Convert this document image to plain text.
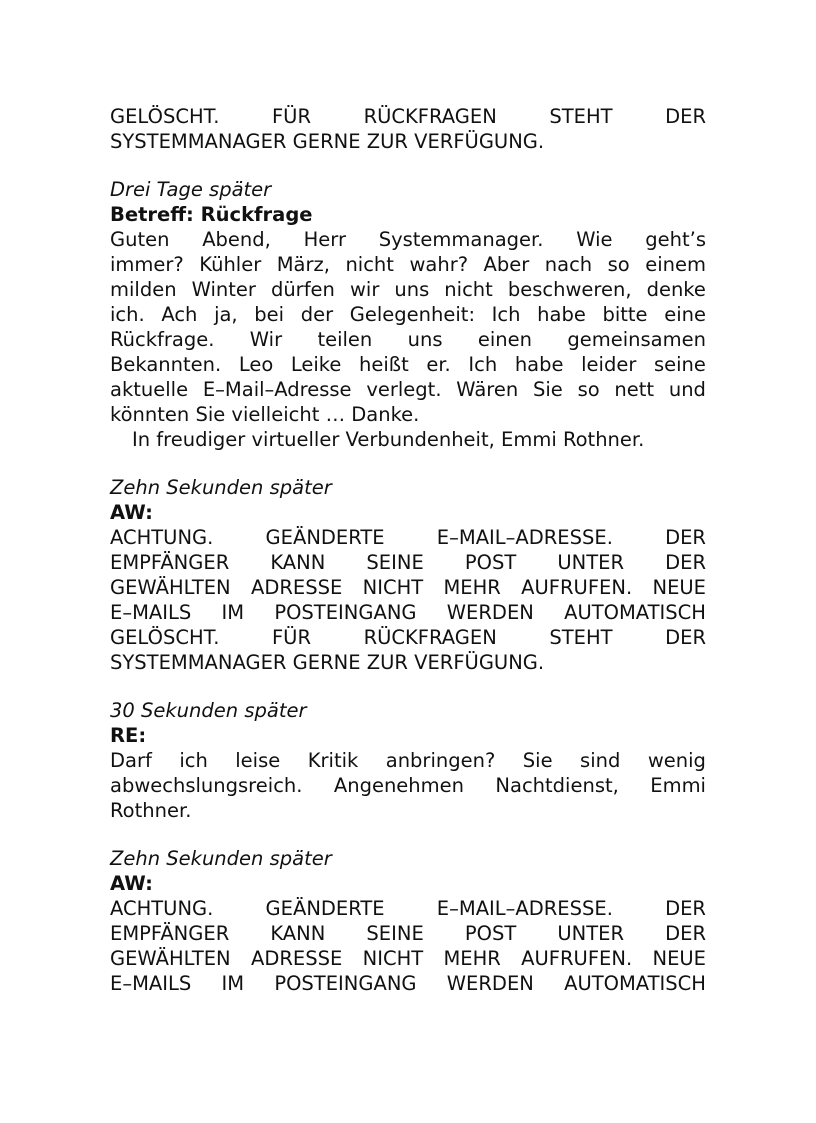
GELÖSCHT.	FÜR	RÜCKFRAGEN	STEHT	DER
SYSTEMMANAGER GERNE ZUR VERFÜGUNG.
Drei Tage später
Betreff: Rückfrage
Guten Abend, Herr Systemmanager. Wie geht’s
immer? Kühler März, nicht wahr? Aber nach so einem
milden Winter dürfen wir uns nicht beschweren, denke
ich. Ach ja, bei der Gelegenheit: Ich habe bitte eine
Rückfrage. Wir teilen uns einen gemeinsamen
Bekannten. Leo Leike heißt er. Ich habe leider seine
aktuelle E–Mail–Adresse verlegt. Wären Sie so nett und
könnten Sie vielleicht … Danke.
In freudiger virtueller Verbundenheit, Emmi Rothner.
Zehn Sekunden später
AW:
ACHTUNG.	GEÄNDERTE	E–MAIL–ADRESSE.	DER
EMPFÄNGER KANN SEINE POST UNTER DER
GEWÄHLTEN ADRESSE NICHT MEHR AUFRUFEN. NEUE
E–MAILS IM POSTEINGANG WERDEN AUTOMATISCH
GELÖSCHT.	FÜR	RÜCKFRAGEN	STEHT	DER
SYSTEMMANAGER GERNE ZUR VERFÜGUNG.
30 Sekunden später
RE:
Darf ich leise Kritik anbringen? Sie sind wenig
abwechslungsreich. Angenehmen Nachtdienst, Emmi
Rothner.
Zehn Sekunden später
AW:
ACHTUNG.	GEÄNDERTE	E–MAIL–ADRESSE.	DER
EMPFÄNGER KANN SEINE POST UNTER DER
GEWÄHLTEN ADRESSE NICHT MEHR AUFRUFEN. NEUE
E–MAILS IM POSTEINGANG WERDEN AUTOMATISCH
